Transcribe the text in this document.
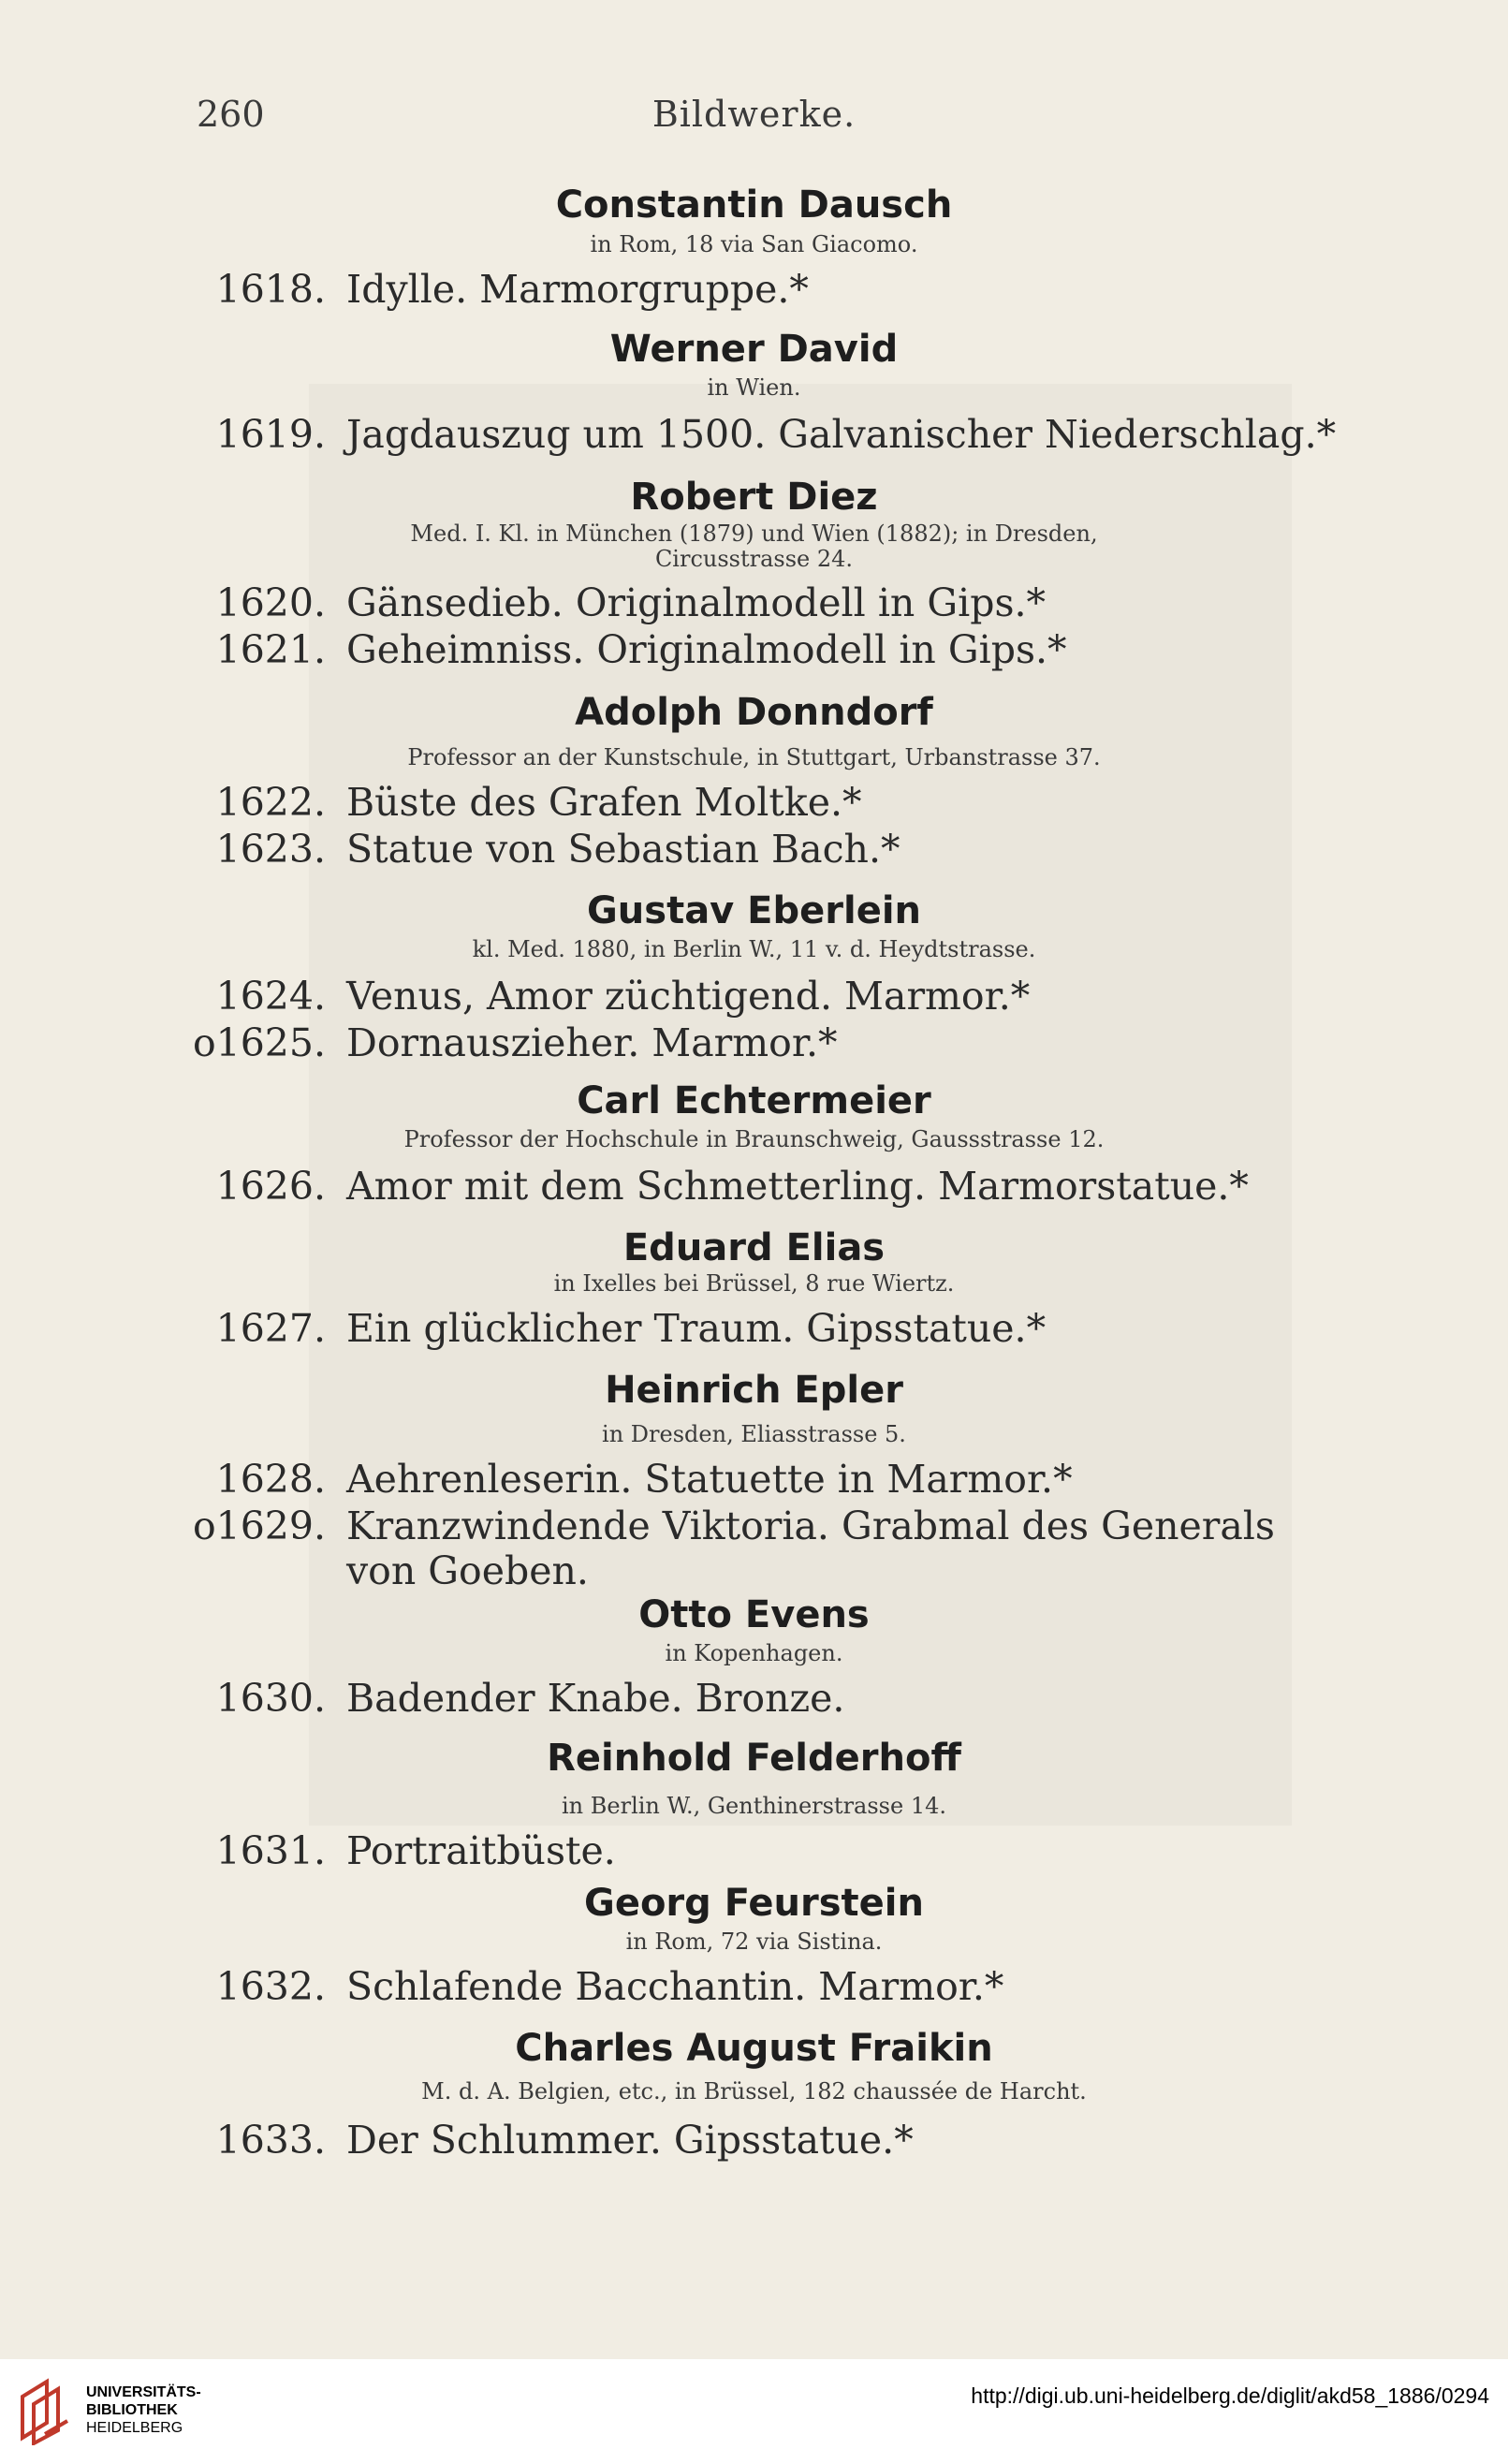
Bildwerke.
260
Constantin Dausch
in Rom, 18 via San Giacomo.
1618. Idylle. Marmorgruppe.*
Werner David
in Wien.
1619. Jagdauszug um 1500. Galvanischer Niederschlag.*
Robert Diez
Med. I. Kl. in München (1879) und Wien (1882); in Dresden,
Circusstrasse 24.
1620. Gänsedieb. Originalmodell in Gips.*
1621. Geheimniss. Originalmodell in Gips.*
Adolph Donndorf
Professor an der Kunstschule, in Stuttgart, Urbanstrasse 37.
1622. Büste des Grafen Moltke.*
1623. Statue von Sebastian Bach.*
Gustav Eberlein
kl. Med. 1880, in Berlin W., 11 v. d. Heydtstrasse.
1624. Venus, Amor züchtigend. Marmor.*
o1625. Dornauszieher. Marmor.*
Carl Echtermeier
Professor der Hochschule in Braunschweig, Gaussstrasse 12.
1626. Amor mit dem Schmetterling. Marmorstatue.*
Eduard Elias
in Ixelles bei Brüssel, 8 rue Wiertz.
1627. Ein glücklicher Traum. Gipsstatue.*
Heinrich Epler
in Dresden, Eliasstrasse 5.
1628. Aehrenleserin. Statuette in Marmor.*
o1629. Kranzwindende Viktoria. Grabmal des Generals
von Goeben.
Otto Evens
in Kopenhagen.
1630. Badender Knabe. Bronze.
Reinhold Felderhoff
in Berlin W., Genthinerstrasse 14.
1631. Portraitbüste.
Georg Feurstein
in Rom, 72 via Sistina.
1632. Schlafende Bacchantin. Marmor.*
Charles August Fraikin
M. d. A. Belgien, etc., in Brüssel, 182 chaussée de Harcht.
1633. Der Schlummer. Gipsstatue.*
UNIVERSITÄTS-
BIBLIOTHEK
HEIDELBERG
http://digi.ub.uni-heidelberg.de/diglit/akd58_1886/0294
